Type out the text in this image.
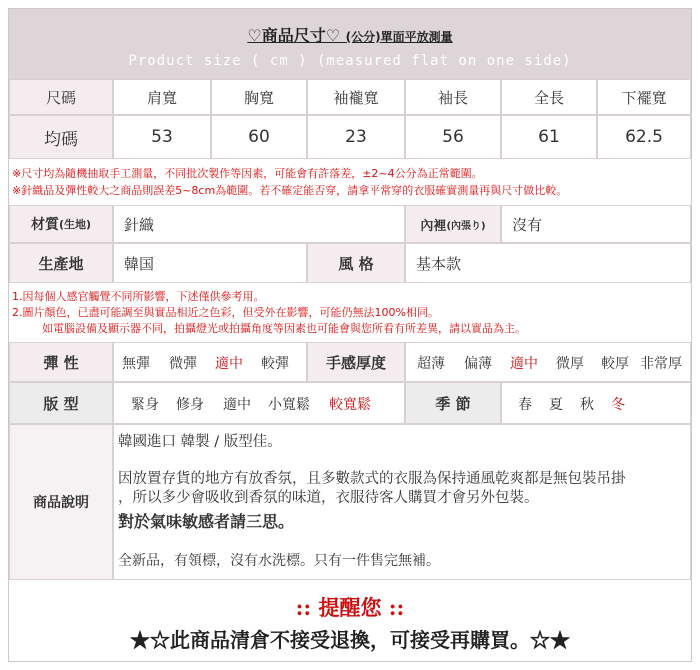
♡商品尺寸♡ (公分)單面平放測量
Product size ( cm ) (measured flat on one side)
尺碼	肩寬	胸寬	袖襱寬	袖長	全長	下襬寬
均碼	53	60	23	56	61	62.5
※尺寸均為隨機抽取手工測量，不同批次製作等因素，可能會有許落差，±2~4公分為正常範圍。
※針織品及彈性較大之商品則誤差5~8cm為範圍。若不確定能否穿，請拿平常穿的衣服確實測量再與尺寸做比較。
材質 (生地)	針織	內裡 (內張り)	沒有
生產地	韓国	風 格	基本款
1.因每個人感官觸覺不同所影響，下述僅供參考用。
2.圖片顏色，已盡可能調至與實品相近之色彩，但受外在影響，可能仍無法100%相同。
如電腦設備及顯示器不同，拍攝燈光或拍攝角度等因素也可能會與您所看有所差異，請以實品為主。
彈 性	無彈 微彈 適中 較彈	手感厚度	超薄 偏薄 適中 微厚 較厚 非常厚
版 型	緊身 修身 適中 小寬鬆 較寬鬆	季 節	春 夏 秋 冬
商品說明
韓國進口 韓製 / 版型佳。
因放置存貨的地方有放香氛，且多數款式的衣服為保持通風乾爽都是無包裝吊掛
，所以多少會吸收到香氛的味道，衣服待客人購買才會另外包裝。
對於氣味敏感者請三思。
全新品，有領標，沒有水洗標。只有一件售完無補。
:: 提醒您 ::
★☆此商品清倉不接受退換，可接受再購買。☆★
